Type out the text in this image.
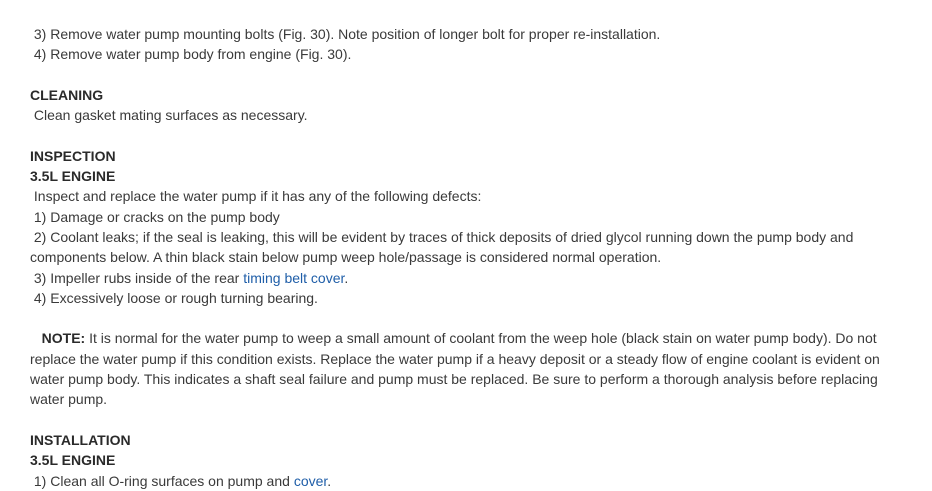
3) Remove water pump mounting bolts (Fig. 30). Note position of longer bolt for proper re-installation.
4) Remove water pump body from engine (Fig. 30).
CLEANING
Clean gasket mating surfaces as necessary.
INSPECTION
3.5L ENGINE
Inspect and replace the water pump if it has any of the following defects:
1) Damage or cracks on the pump body
2) Coolant leaks; if the seal is leaking, this will be evident by traces of thick deposits of dried glycol running down the pump body and components below. A thin black stain below pump weep hole/passage is considered normal operation.
3) Impeller rubs inside of the rear timing belt cover.
4) Excessively loose or rough turning bearing.
NOTE: It is normal for the water pump to weep a small amount of coolant from the weep hole (black stain on water pump body). Do not replace the water pump if this condition exists. Replace the water pump if a heavy deposit or a steady flow of engine coolant is evident on water pump body. This indicates a shaft seal failure and pump must be replaced. Be sure to perform a thorough analysis before replacing water pump.
INSTALLATION
3.5L ENGINE
1) Clean all O-ring surfaces on pump and cover.
